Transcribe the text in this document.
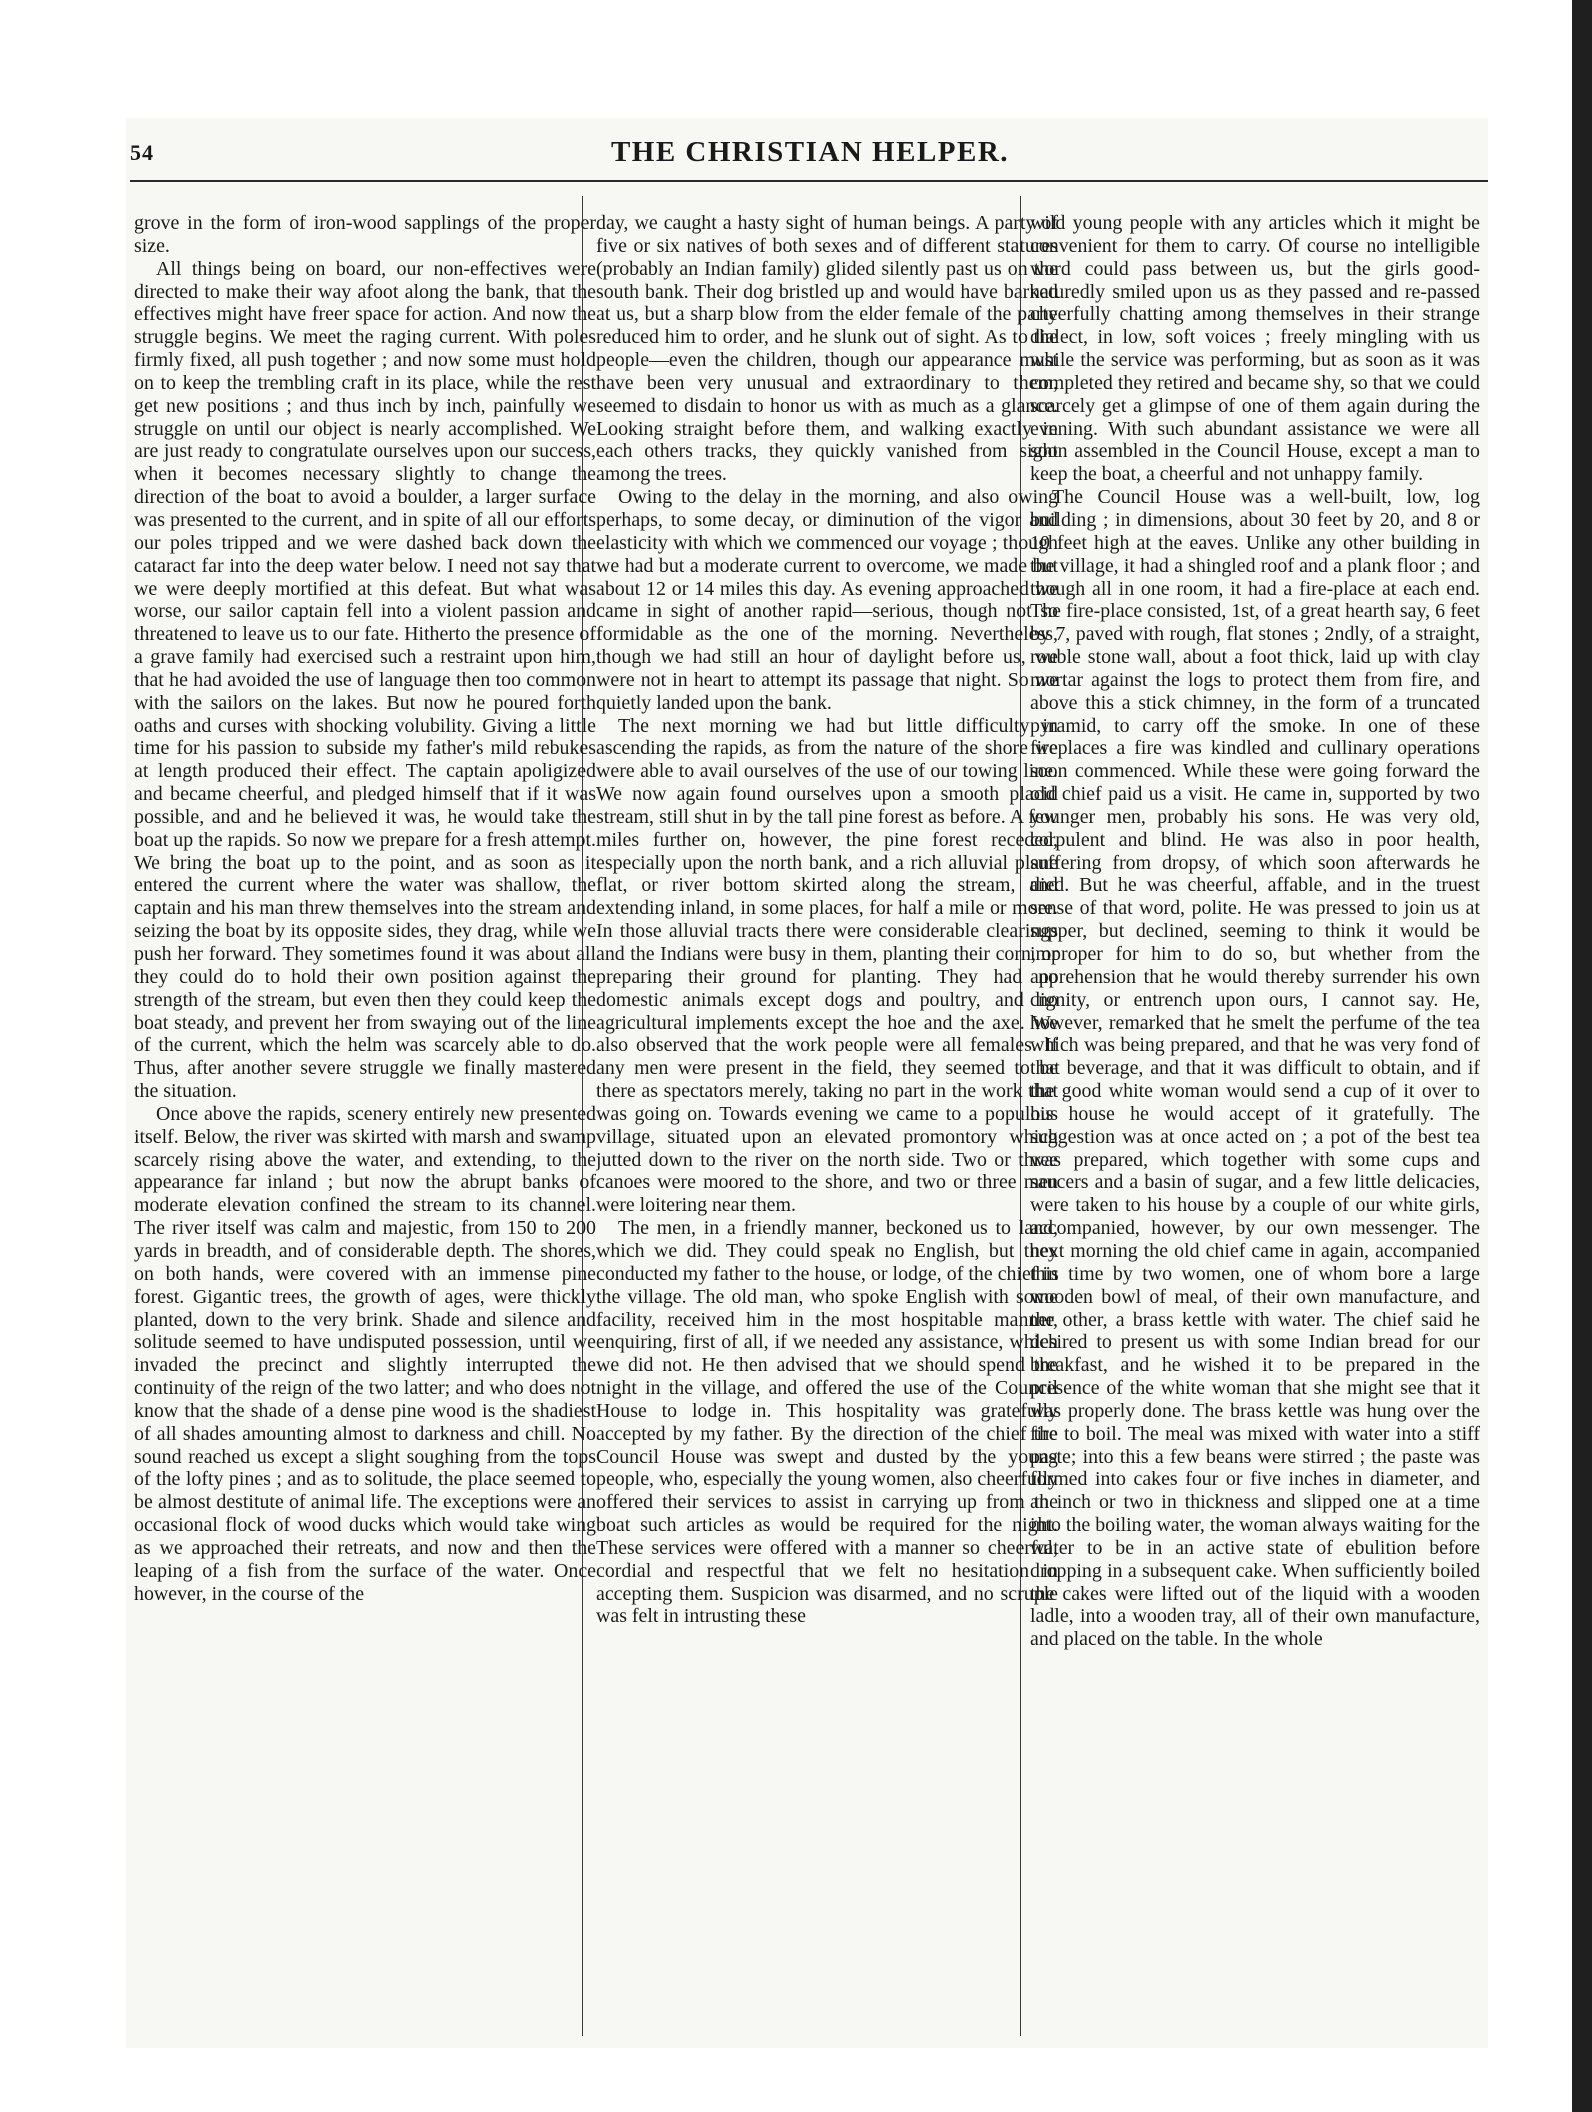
54	THE CHRISTIAN HELPER.

grove in the form of iron-wood sapplings of the proper size.

All things being on board, our non-effectives were directed to make their way afoot along the bank, that the effectives might have freer space for action. And now the struggle begins. We meet the raging current. With poles firmly fixed, all push together ; and now some must hold on to keep the trembling craft in its place, while the rest get new positions ; and thus inch by inch, painfully we struggle on until our object is nearly accomplished. We are just ready to congratulate ourselves upon our success, when it becomes necessary slightly to change the direction of the boat to avoid a boulder, a larger surface was presented to the current, and in spite of all our efforts our poles tripped and we were dashed back down the cataract far into the deep water below. I need not say that we were deeply mortified at this defeat. But what was worse, our sailor captain fell into a violent passion and threatened to leave us to our fate. Hitherto the presence of a grave family had exercised such a restraint upon him, that he had avoided the use of language then too common with the sailors on the lakes. But now he poured forth oaths and curses with shocking volubility. Giving a little time for his passion to subside my father's mild rebukes at length produced their effect. The captain apoligized and became cheerful, and pledged himself that if it was possible, and and he believed it was, he would take the boat up the rapids. So now we prepare for a fresh attempt. We bring the boat up to the point, and as soon as it entered the current where the water was shallow, the captain and his man threw themselves into the stream and seizing the boat by its opposite sides, they drag, while we push her forward. They sometimes found it was about all they could do to hold their own position against the strength of the stream, but even then they could keep the boat steady, and prevent her from swaying out of the line of the current, which the helm was scarcely able to do. Thus, after another severe struggle we finally mastered the situation.

Once above the rapids, scenery entirely new presented itself. Below, the river was skirted with marsh and swamp scarcely rising above the water, and extending, to the appearance far inland ; but now the abrupt banks of moderate elevation confined the stream to its channel. The river itself was calm and majestic, from 150 to 200 yards in breadth, and of considerable depth. The shores, on both hands, were covered with an immense pine forest. Gigantic trees, the growth of ages, were thickly planted, down to the very brink. Shade and silence and solitude seemed to have undisputed possession, until we invaded the precinct and slightly interrupted the continuity of the reign of the two latter; and who does not know that the shade of a dense pine wood is the shadiest of all shades amounting almost to darkness and chill. No sound reached us except a slight soughing from the tops of the lofty pines ; and as to solitude, the place seemed to be almost destitute of animal life. The exceptions were an occasional flock of wood ducks which would take wing as we approached their retreats, and now and then the leaping of a fish from the surface of the water. Once however, in the course of the

day, we caught a hasty sight of human beings. A party of five or six natives of both sexes and of different statures (probably an Indian family) glided silently past us on the south bank. Their dog bristled up and would have barked at us, but a sharp blow from the elder female of the party reduced him to order, and he slunk out of sight. As to the people—even the children, though our appearance must have been very unusual and extraordinary to them, seemed to disdain to honor us with as much as a glance. Looking straight before them, and walking exactly in each others tracks, they quickly vanished from sight among the trees.

Owing to the delay in the morning, and also owing perhaps, to some decay, or diminution of the vigor and elasticity with which we commenced our voyage ; though we had but a moderate current to overcome, we made but about 12 or 14 miles this day. As evening approached we came in sight of another rapid—serious, though not so formidable as the one of the morning. Nevertheless, though we had still an hour of daylight before us, we were not in heart to attempt its passage that night. So we quietly landed upon the bank.

The next morning we had but little difficulty in ascending the rapids, as from the nature of the shore we were able to avail ourselves of the use of our towing line. We now again found ourselves upon a smooth placid stream, still shut in by the tall pine forest as before. A few miles further on, however, the pine forest receded, especially upon the north bank, and a rich alluvial plane flat, or river bottom skirted along the stream, and extending inland, in some places, for half a mile or more. In those alluvial tracts there were considerable clearings and the Indians were busy in them, planting their corn, or preparing their ground for planting. They had no domestic animals except dogs and poultry, and no agricultural implements except the hoe and the axe. We also observed that the work people were all females. If any men were present in the field, they seemed to be there as spectators merely, taking no part in the work that was going on. Towards evening we came to a populous village, situated upon an elevated promontory which jutted down to the river on the north side. Two or three canoes were moored to the shore, and two or three men were loitering near them.

The men, in a friendly manner, beckoned us to land, which we did. They could speak no English, but they conducted my father to the house, or lodge, of the chief in the village. The old man, who spoke English with some facility, received him in the most hospitable manner, enquiring, first of all, if we needed any assistance, which we did not. He then advised that we should spend the night in the village, and offered the use of the Council House to lodge in. This hospitality was gratefully accepted by my father. By the direction of the chief the Council House was swept and dusted by the young people, who, especially the young women, also cheerfully offered their services to assist in carrying up from the boat such articles as would be required for the night. These services were offered with a manner so cheerful, cordial and respectful that we felt no hesitation in accepting them. Suspicion was disarmed, and no scruple was felt in intrusting these

wild young people with any articles which it might be convenient for them to carry. Of course no intelligible word could pass between us, but the girls good-naturedly smiled upon us as they passed and re-passed cheerfully chatting among themselves in their strange dialect, in low, soft voices ; freely mingling with us while the service was performing, but as soon as it was completed they retired and became shy, so that we could scarcely get a glimpse of one of them again during the evening. With such abundant assistance we were all soon assembled in the Council House, except a man to keep the boat, a cheerful and not unhappy family.

The Council House was a well-built, low, log building ; in dimensions, about 30 feet by 20, and 8 or 10 feet high at the eaves. Unlike any other building in the village, it had a shingled roof and a plank floor ; and though all in one room, it had a fire-place at each end. The fire-place consisted, 1st, of a great hearth say, 6 feet by 7, paved with rough, flat stones ; 2ndly, of a straight, rouble stone wall, about a foot thick, laid up with clay mortar against the logs to protect them from fire, and above this a stick chimney, in the form of a truncated pyramid, to carry off the smoke. In one of these fireplaces a fire was kindled and cullinary operations soon commenced. While these were going forward the old chief paid us a visit. He came in, supported by two younger men, probably his sons. He was very old, corpulent and blind. He was also in poor health, suffering from dropsy, of which soon afterwards he died. But he was cheerful, affable, and in the truest sense of that word, polite. He was pressed to join us at supper, but declined, seeming to think it would be improper for him to do so, but whether from the apprehension that he would thereby surrender his own dignity, or entrench upon ours, I cannot say. He, however, remarked that he smelt the perfume of the tea which was being prepared, and that he was very fond of that beverage, and that it was difficult to obtain, and if the good white woman would send a cup of it over to his house he would accept of it gratefully. The suggestion was at once acted on ; a pot of the best tea was prepared, which together with some cups and saucers and a basin of sugar, and a few little delicacies, were taken to his house by a couple of our white girls, accompanied, however, by our own messenger. The next morning the old chief came in again, accompanied this time by two women, one of whom bore a large wooden bowl of meal, of their own manufacture, and the other, a brass kettle with water. The chief said he desired to present us with some Indian bread for our breakfast, and he wished it to be prepared in the presence of the white woman that she might see that it was properly done. The brass kettle was hung over the fire to boil. The meal was mixed with water into a stiff paste; into this a few beans were stirred ; the paste was formed into cakes four or five inches in diameter, and an inch or two in thickness and slipped one at a time into the boiling water, the woman always waiting for the water to be in an active state of ebulition before dropping in a subsequent cake. When sufficiently boiled the cakes were lifted out of the liquid with a wooden ladle, into a wooden tray, all of their own manufacture, and placed on the table. In the whole
